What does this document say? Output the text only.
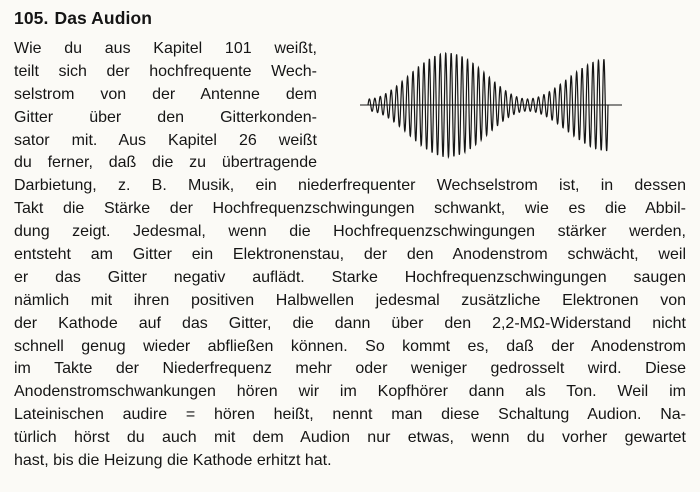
105. Das Audion
Wie du aus Kapitel 101 weißt,
teilt sich der hochfrequente Wech-
selstrom von der Antenne dem
Gitter über den Gitterkonden-
sator mit. Aus Kapitel 26 weißt
du ferner, daß die zu übertragende
Darbietung, z. B. Musik, ein niederfrequenter Wechselstrom ist, in dessen
Takt die Stärke der Hochfrequenzschwingungen schwankt, wie es die Abbil-
dung zeigt. Jedesmal, wenn die Hochfrequenzschwingungen stärker werden,
entsteht am Gitter ein Elektronenstau, der den Anodenstrom schwächt, weil
er das Gitter negativ auflädt. Starke Hochfrequenzschwingungen saugen
nämlich mit ihren positiven Halbwellen jedesmal zusätzliche Elektronen von
der Kathode auf das Gitter, die dann über den 2,2-MΩ-Widerstand nicht
schnell genug wieder abfließen können. So kommt es, daß der Anodenstrom
im Takte der Niederfrequenz mehr oder weniger gedrosselt wird. Diese
Anodenstromschwankungen hören wir im Kopfhörer dann als Ton. Weil im
Lateinischen audire = hören heißt, nennt man diese Schaltung Audion. Na-
türlich hörst du auch mit dem Audion nur etwas, wenn du vorher gewartet
hast, bis die Heizung die Kathode erhitzt hat.
